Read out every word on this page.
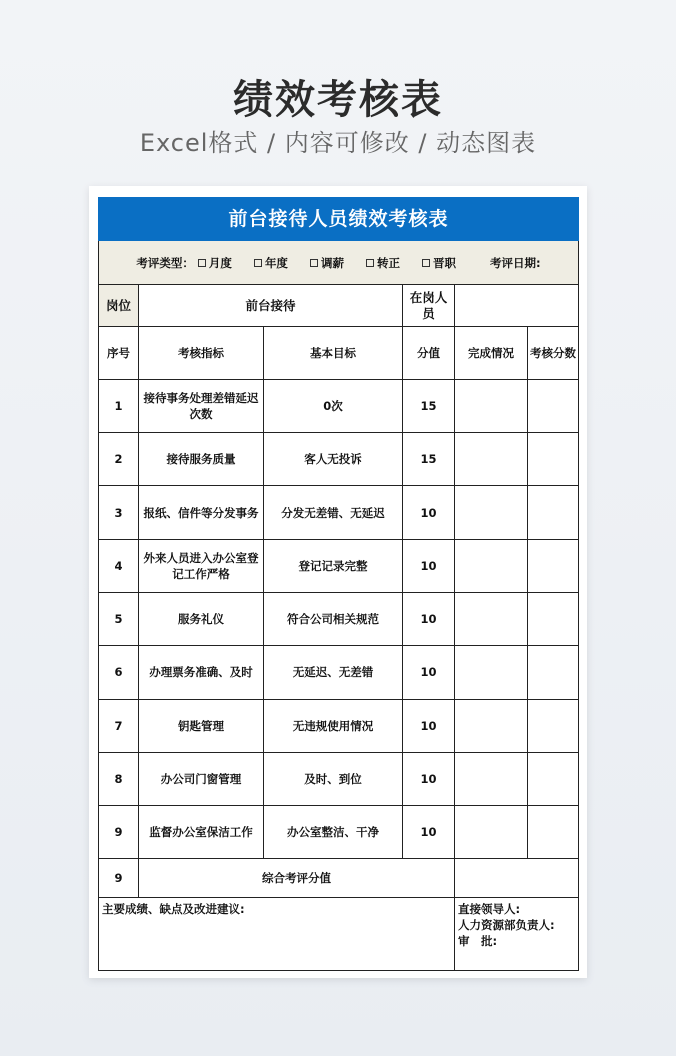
绩效考核表
Excel格式 / 内容可修改 / 动态图表
前台接待人员绩效考核表					
考评类型： 月度 年度 调薪 转正 晋职 考评日期:					
岗位	前台接待		在岗人员		
序号	考核指标	基本目标	分值	完成情况	考核分数
1	接待事务处理差错延迟次数	0次	15		
2	接待服务质量	客人无投诉	15		
3	报纸、信件等分发事务	分发无差错、无延迟	10		
4	外来人员进入办公室登记工作严格	登记记录完整	10		
5	服务礼仪	符合公司相关规范	10		
6	办理票务准确、及时	无延迟、无差错	10		
7	钥匙管理	无违规使用情况	10		
8	办公司门窗管理	及时、到位	10		
9	监督办公室保洁工作	办公室整洁、干净	10		
9	综合考评分值				
主要成绩、缺点及改进建议:				直接领导人:
人力资源部负责人:
审　批:	
